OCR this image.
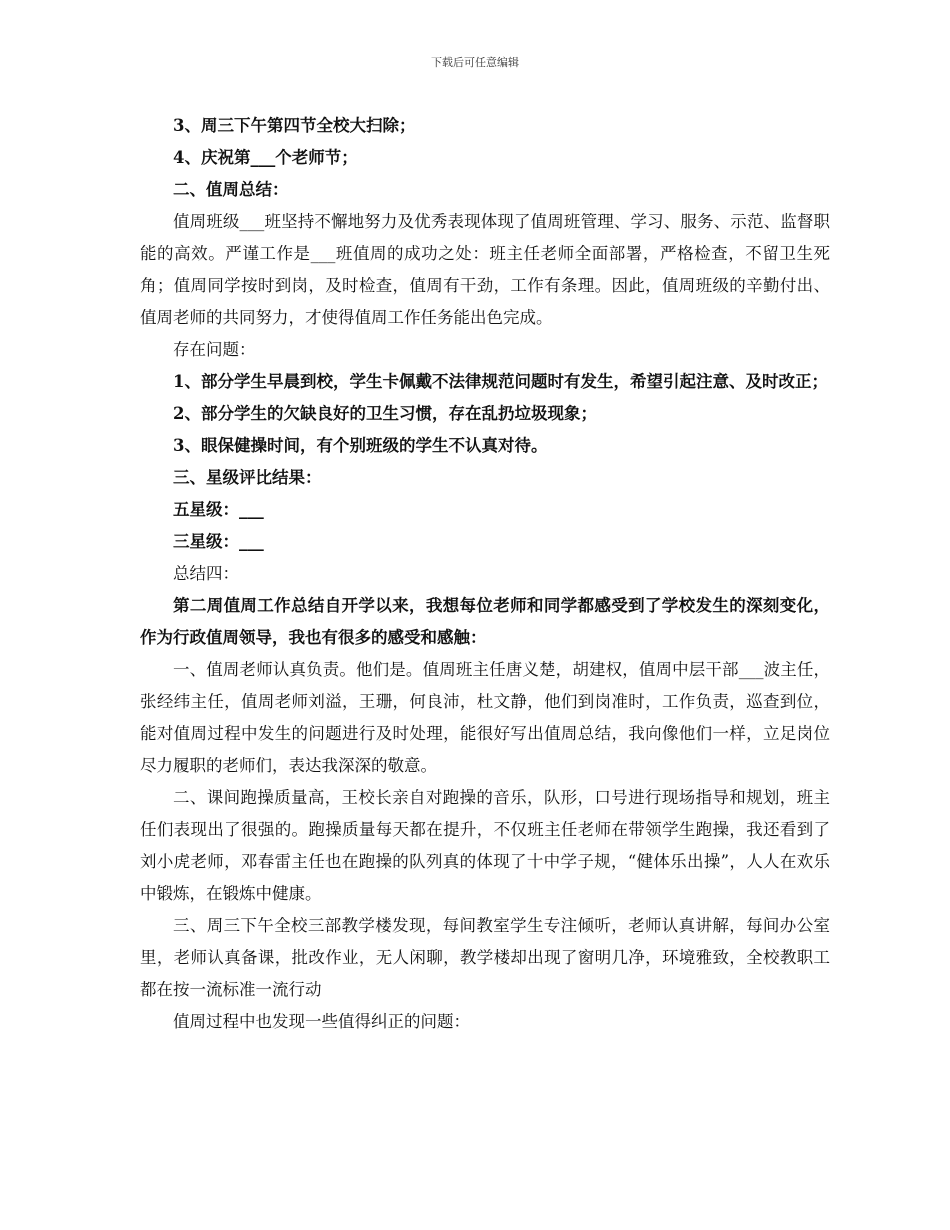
下载后可任意编辑

3、周三下午第四节全校大扫除；

4、庆祝第___个老师节；

二、值周总结：

值周班级___班坚持不懈地努力及优秀表现体现了值周班管理、学习、服务、示范、监督职能的高效。严谨工作是___班值周的成功之处：班主任老师全面部署，严格检查，不留卫生死角；值周同学按时到岗，及时检查，值周有干劲，工作有条理。因此，值周班级的辛勤付出、值周老师的共同努力，才使得值周工作任务能出色完成。

存在问题：

1、部分学生早晨到校，学生卡佩戴不法律规范问题时有发生，希望引起注意、及时改正；

2、部分学生的欠缺良好的卫生习惯，存在乱扔垃圾现象；

3、眼保健操时间，有个别班级的学生不认真对待。

三、星级评比结果：

五星级：___

三星级：___

总结四：

第二周值周工作总结自开学以来，我想每位老师和同学都感受到了学校发生的深刻变化，作为行政值周领导，我也有很多的感受和感触：

一、值周老师认真负责。他们是。值周班主任唐义楚，胡建权，值周中层干部___波主任，张经纬主任，值周老师刘溢，王珊，何良沛，杜文静，他们到岗准时，工作负责，巡查到位，能对值周过程中发生的问题进行及时处理，能很好写出值周总结，我向像他们一样，立足岗位尽力履职的老师们，表达我深深的敬意。

二、课间跑操质量高，王校长亲自对跑操的音乐，队形，口号进行现场指导和规划，班主任们表现出了很强的。跑操质量每天都在提升，不仅班主任老师在带领学生跑操，我还看到了刘小虎老师，邓春雷主任也在跑操的队列真的体现了十中学子规，“健体乐出操”，人人在欢乐中锻炼，在锻炼中健康。

三、周三下午全校三部教学楼发现，每间教室学生专注倾听，老师认真讲解，每间办公室里，老师认真备课，批改作业，无人闲聊，教学楼却出现了窗明几净，环境雅致，全校教职工都在按一流标准一流行动

值周过程中也发现一些值得纠正的问题：
